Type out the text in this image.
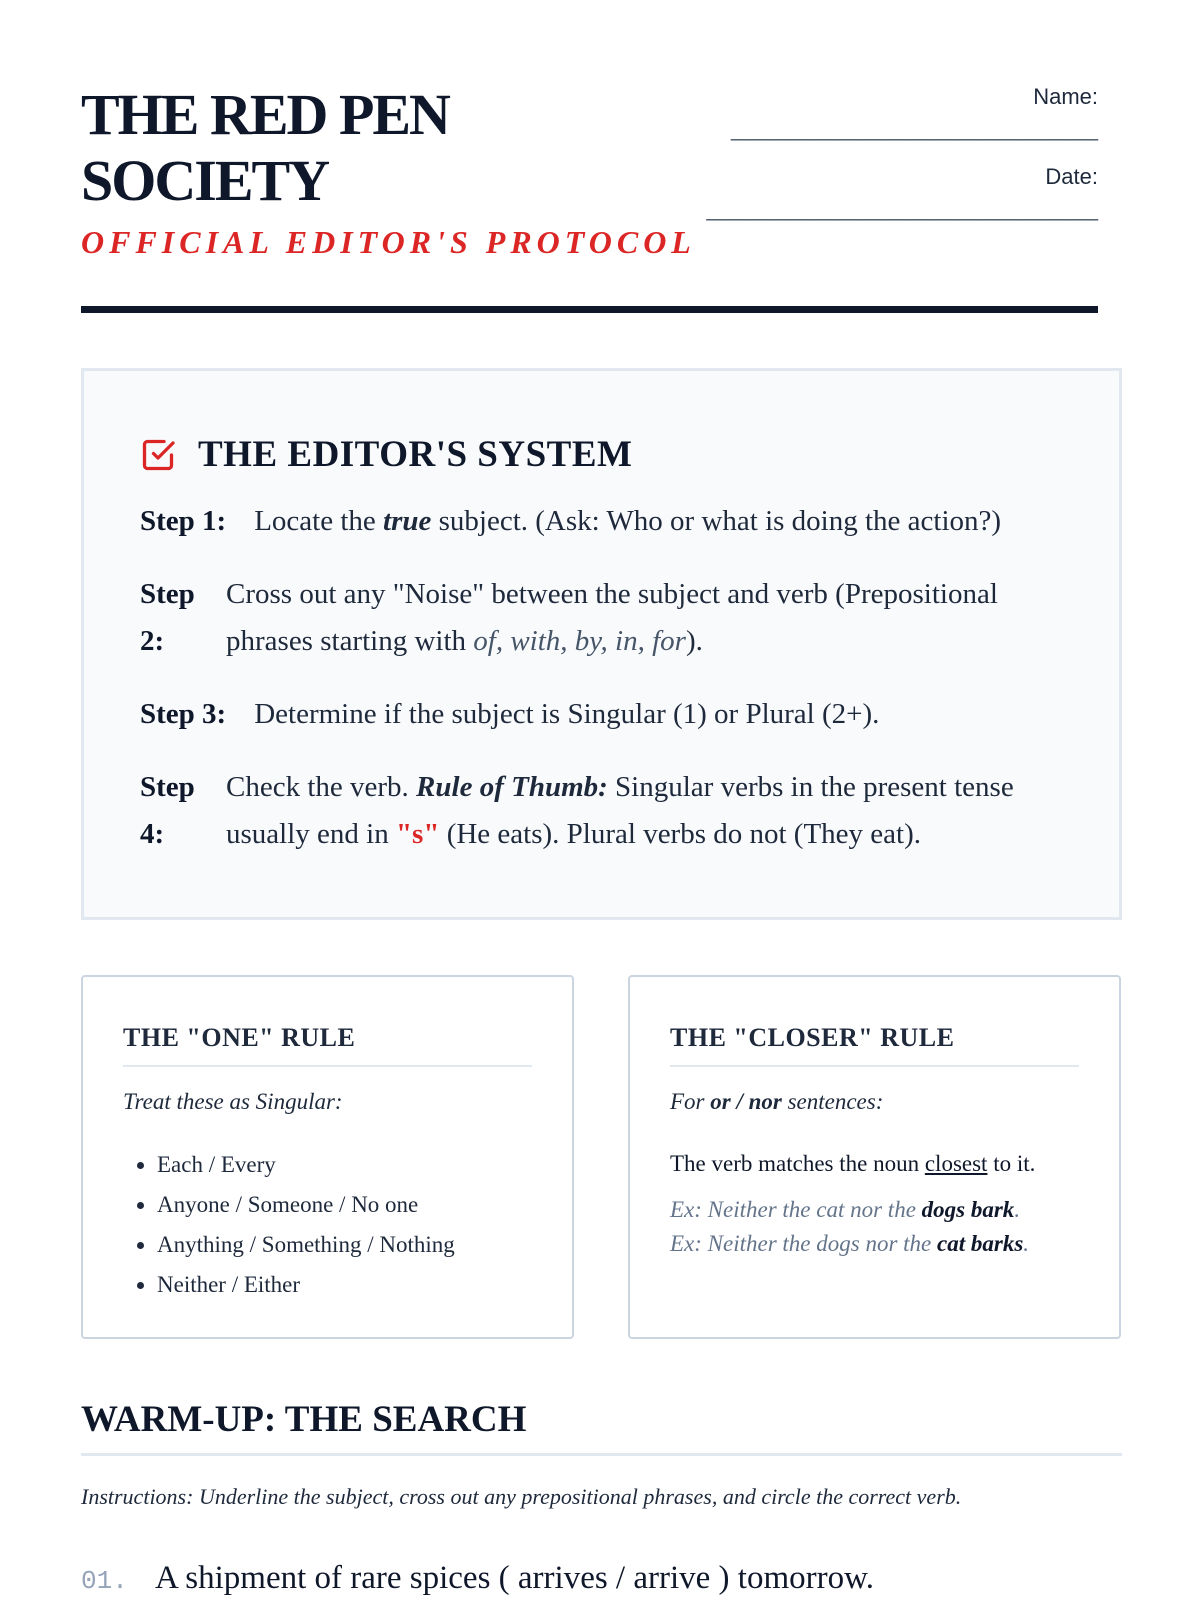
THE RED PEN SOCIETY
OFFICIAL EDITOR'S PROTOCOL
Name:
______________________________
Date:
________________________________
THE EDITOR'S SYSTEM
Step 1: Locate the true subject. (Ask: Who or what is doing the action?)
Step 2:
Cross out any "Noise" between the subject and verb (Prepositional phrases starting with of, with, by, in, for).
Step 3: Determine if the subject is Singular (1) or Plural (2+).
Step 4:
Check the verb. Rule of Thumb: Singular verbs in the present tense usually end in "s" (He eats). Plural verbs do not (They eat).
THE "ONE" RULE
Treat these as Singular:
• Each / Every
• Anyone / Someone / No one
• Anything / Something / Nothing
• Neither / Either
THE "CLOSER" RULE
For or / nor sentences:
The verb matches the noun closest to it.
Ex: Neither the cat nor the dogs bark.
Ex: Neither the dogs nor the cat barks.
WARM-UP: THE SEARCH
Instructions: Underline the subject, cross out any prepositional phrases, and circle the correct verb.
01. A shipment of rare spices ( arrives / arrive ) tomorrow.
